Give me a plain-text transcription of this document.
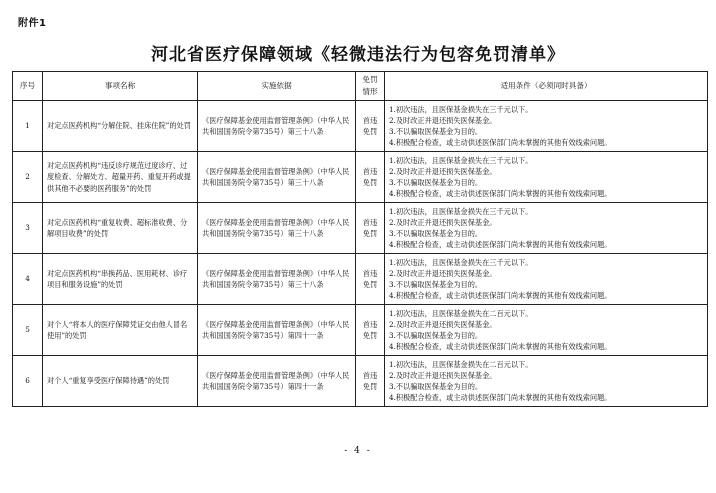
附件1
河北省医疗保障领域《轻微违法行为包容免罚清单》
序号	事项名称	实施依据	免罚情形	适用条件（必须同时具备）
1	对定点医药机构“分解住院、挂床住院”的处罚	《医疗保障基金使用监督管理条例》（中华人民共和国国务院令第735号）第三十八条	首违免罚	1.初次违法，且医保基金损失在三千元以下。
2.及时改正并退还损失医保基金。
3.不以骗取医保基金为目的。
4.积极配合检查，或主动供述医保部门尚未掌握的其他有效线索问题。

2	对定点医药机构“违反诊疗规范过度诊疗、过度检查、分解处方、超量开药、重复开药或提供其他不必要的医药服务”的处罚	《医疗保障基金使用监督管理条例》（中华人民共和国国务院令第735号）第三十八条	首违免罚	1.初次违法，且医保基金损失在三千元以下。
2.及时改正并退还损失医保基金。
3.不以骗取医保基金为目的。
4.积极配合检查，或主动供述医保部门尚未掌握的其他有效线索问题。

3	对定点医药机构“重复收费、超标准收费、分解项目收费”的处罚	《医疗保障基金使用监督管理条例》（中华人民共和国国务院令第735号）第三十八条	首违免罚	1.初次违法，且医保基金损失在三千元以下。
2.及时改正并退还损失医保基金。
3.不以骗取医保基金为目的。
4.积极配合检查，或主动供述医保部门尚未掌握的其他有效线索问题。

4	对定点医药机构“串换药品、医用耗材、诊疗项目和服务设施”的处罚	《医疗保障基金使用监督管理条例》（中华人民共和国国务院令第735号）第三十八条	首违免罚	1.初次违法，且医保基金损失在三千元以下。
2.及时改正并退还损失医保基金。
3.不以骗取医保基金为目的。
4.积极配合检查，或主动供述医保部门尚未掌握的其他有效线索问题。

5	对个人“将本人的医疗保障凭证交由他人冒名使用”的处罚	《医疗保障基金使用监督管理条例》（中华人民共和国国务院令第735号）第四十一条	首违免罚	1.初次违法，且医保基金损失在二百元以下。
2.及时改正并退还损失医保基金。
3.不以骗取医保基金为目的。
4.积极配合检查，或主动供述医保部门尚未掌握的其他有效线索问题。

6	对个人“重复享受医疗保障待遇”的处罚	《医疗保障基金使用监督管理条例》（中华人民共和国国务院令第735号）第四十一条	首违免罚	1.初次违法，且医保基金损失在二百元以下。
2.及时改正并退还损失医保基金。
3.不以骗取医保基金为目的。
4.积极配合检查，或主动供述医保部门尚未掌握的其他有效线索问题。
- 4 -
